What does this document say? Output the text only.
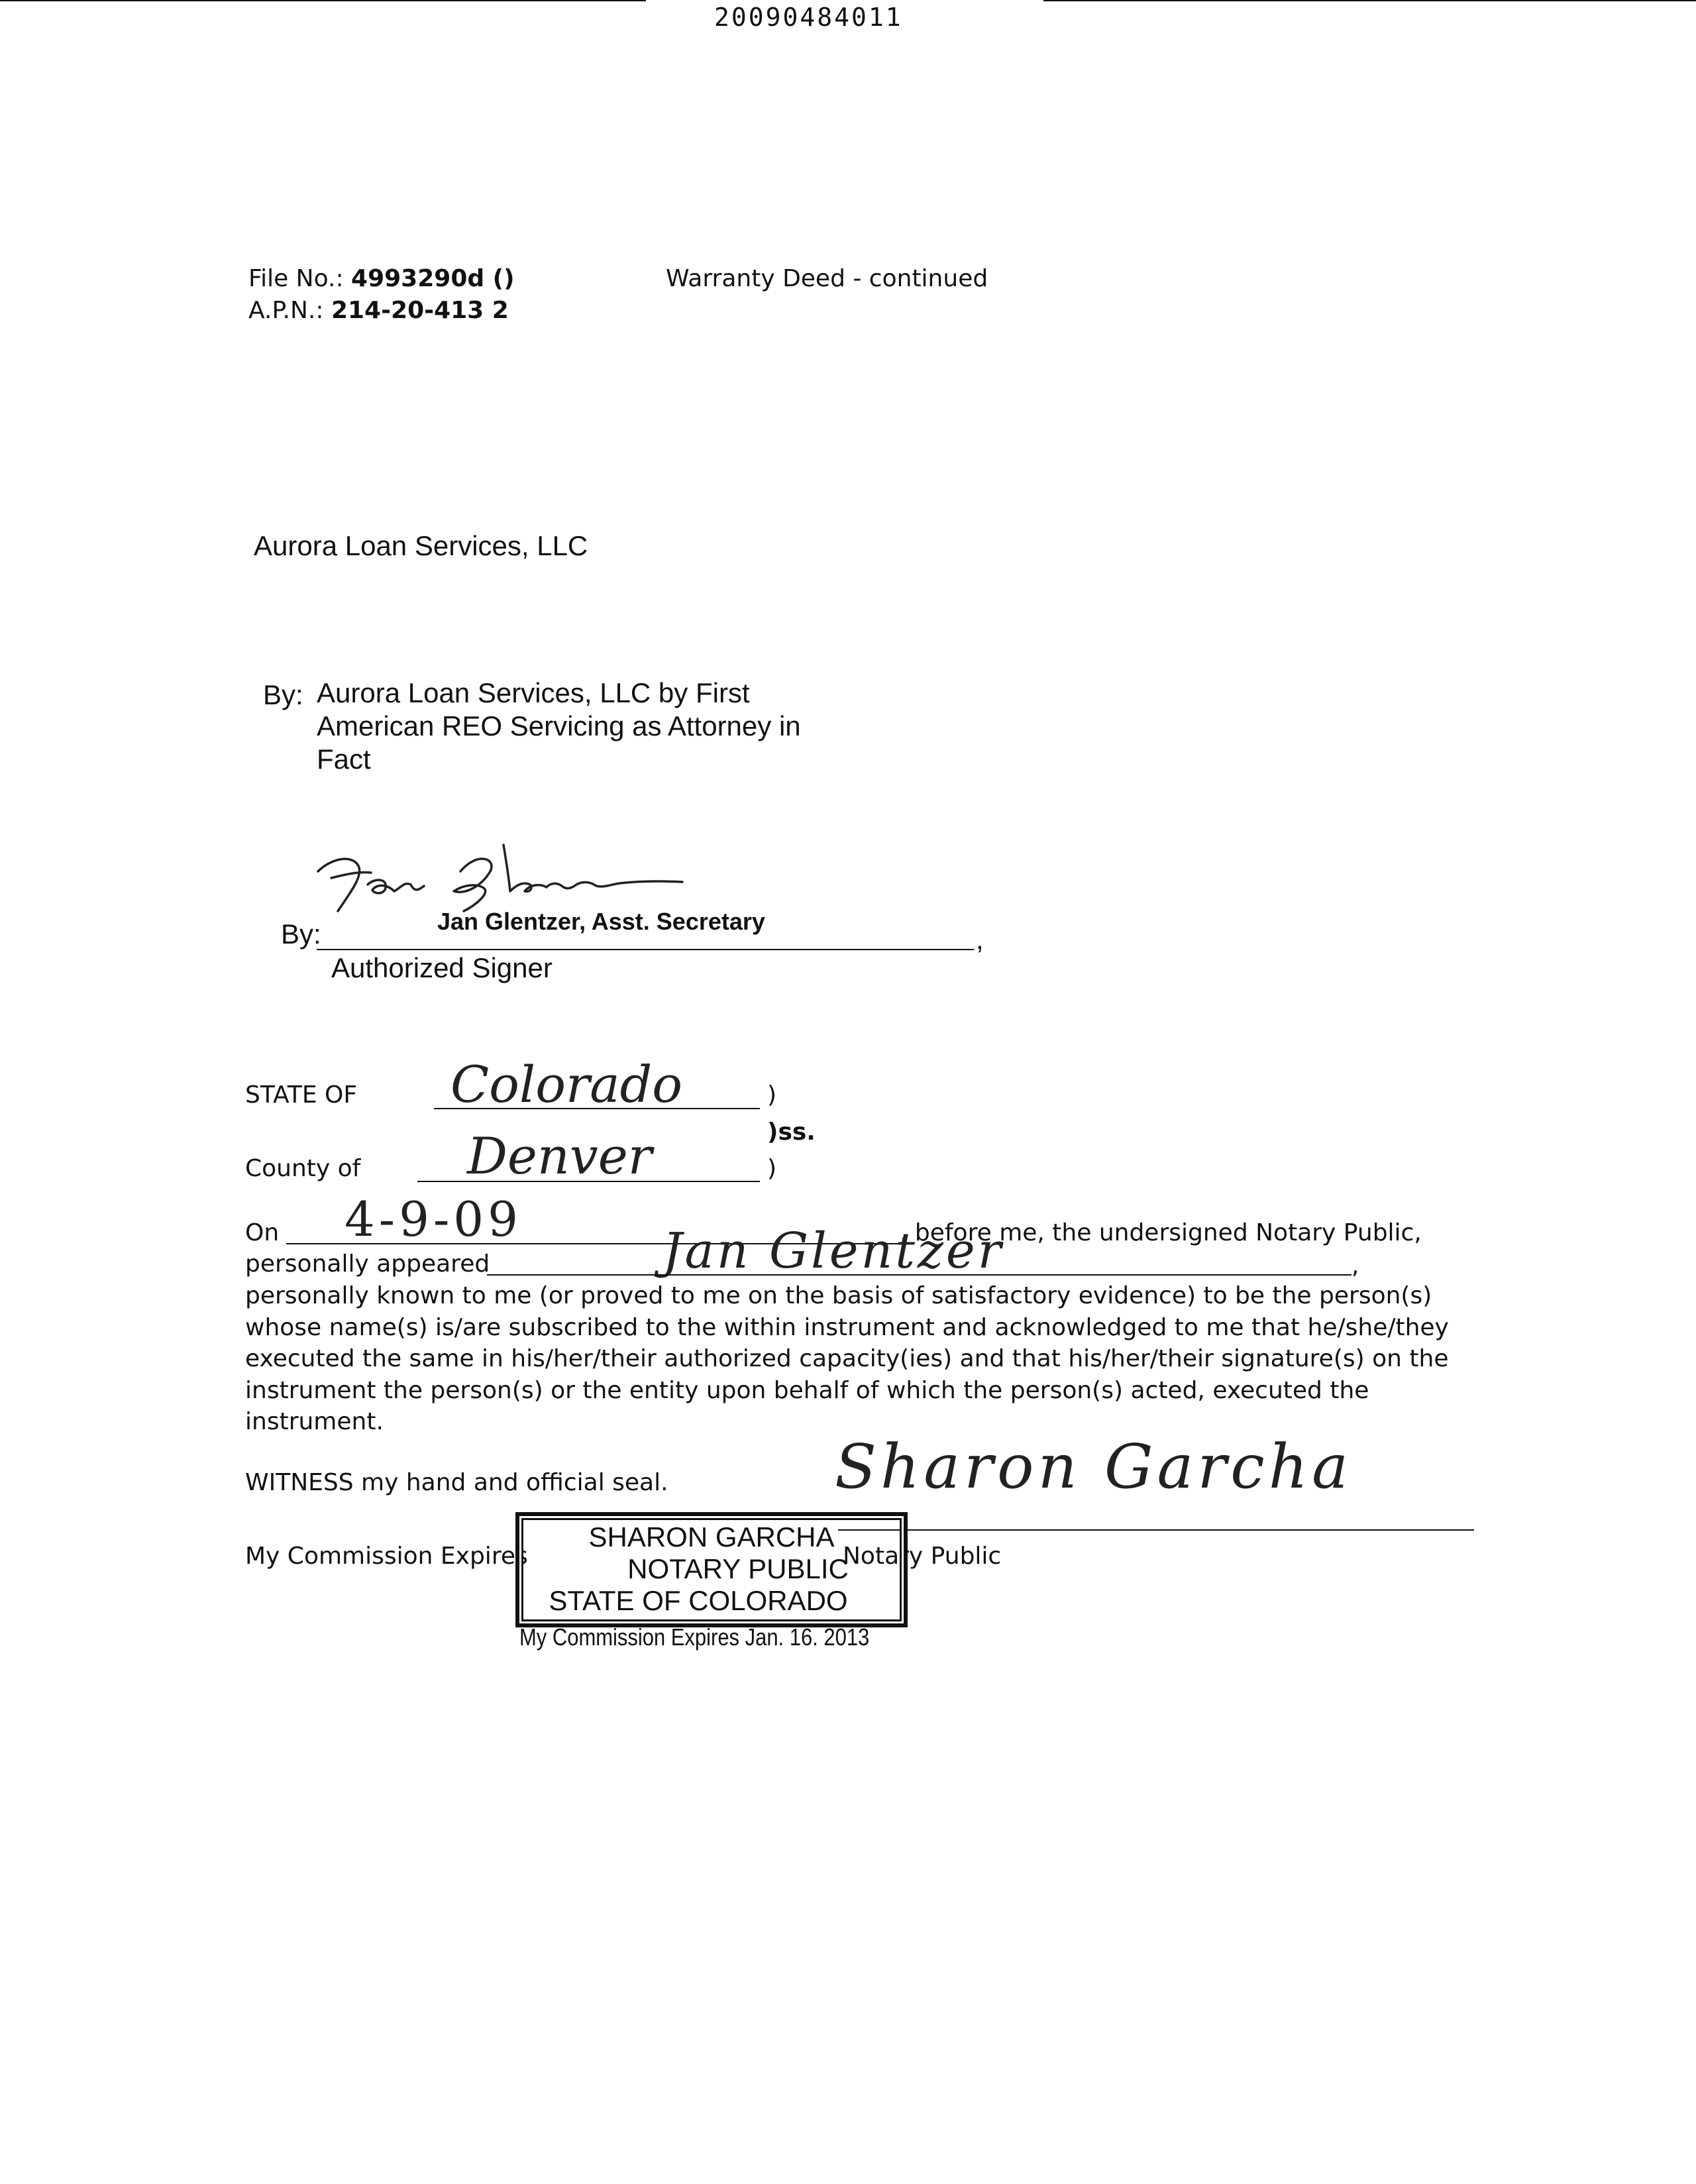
20090484011
File No.: 4993290d ()
A.P.N.: 214-20-413 2
Warranty Deed - continued
Aurora Loan Services, LLC
By: Aurora Loan Services, LLC by First
American REO Servicing as Attorney in
Fact
By:	Jan Glentzer, Asst. Secretary
,
Authorized Signer
STATE OF Colorado	)
)ss.
County of Denver	)
On 4-9-09	, before me, the undersigned Notary Public,
personally appeared	Jan Glentzer	,
personally known to me (or proved to me on the basis of satisfactory evidence) to be the person(s)
whose name(s) is/are subscribed to the within instrument and acknowledged to me that he/she/they
executed the same in his/her/their authorized capacity(ies) and that his/her/their signature(s) on the
instrument the person(s) or the entity upon behalf of which the person(s) acted, executed the
instrument.
WITNESS my hand and official seal.	Sharon Garcha
My Commission Expires	Notary Public
SHARON GARCHA
NOTARY PUBLIC
STATE OF COLORADO
My Commission Expires Jan. 16. 2013
